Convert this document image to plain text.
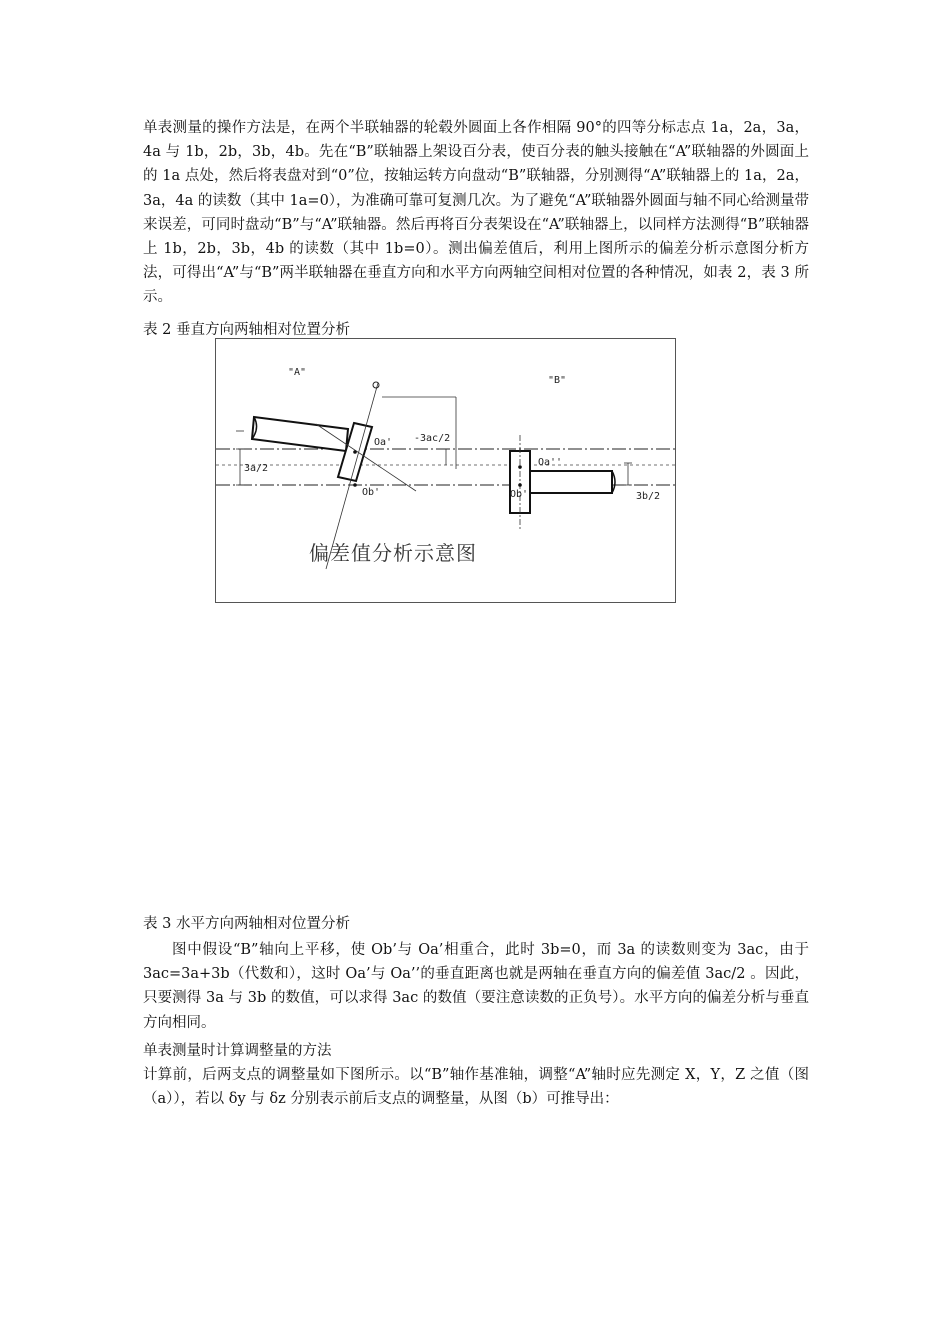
单表测量的操作方法是，在两个半联轴器的轮毂外圆面上各作相隔 90°的四等分标志点 1a，2a，3a，4a 与 1b，2b，3b，4b。先在“B”联轴器上架设百分表，使百分表的触头接触在“A”联轴器的外圆面上的 1a 点处，然后将表盘对到“0”位，按轴运转方向盘动“B”联轴器，分别测得“A”联轴器上的 1a，2a，3a，4a 的读数（其中 1a=0），为准确可靠可复测几次。为了避免“A”联轴器外圆面与轴不同心给测量带来误差，可同时盘动“B”与“A”联轴器。然后再将百分表架设在“A”联轴器上，以同样方法测得“B”联轴器上 1b，2b，3b，4b 的读数（其中 1b=0）。测出偏差值后，利用上图所示的偏差分析示意图分析方法，可得出“A”与“B”两半联轴器在垂直方向和水平方向两轴空间相对位置的各种情况，如表 2，表 3 所示。

表 2 垂直方向两轴相对位置分析
"A"
"B"
Oa'
Ob'
-3ac/2
3a/2
Oa''
Ob'	3b/2
偏差值分析示意图
表 3 水平方向两轴相对位置分析

图中假设“B”轴向上平移，使 Ob’与 Oa’相重合，此时 3b=0，而 3a 的读数则变为 3ac，由于 3ac=3a+3b（代数和），这时 Oa’与 Oa’’的垂直距离也就是两轴在垂直方向的偏差值 3ac/2 。因此，只要测得 3a 与 3b 的数值，可以求得 3ac 的数值（要注意读数的正负号）。水平方向的偏差分析与垂直方向相同。

单表测量时计算调整量的方法

计算前，后两支点的调整量如下图所示。以“B”轴作基准轴，调整“A”轴时应先测定 X，Y，Z 之值（图（a）），若以 δy 与 δz 分别表示前后支点的调整量，从图（b）可推导出：
